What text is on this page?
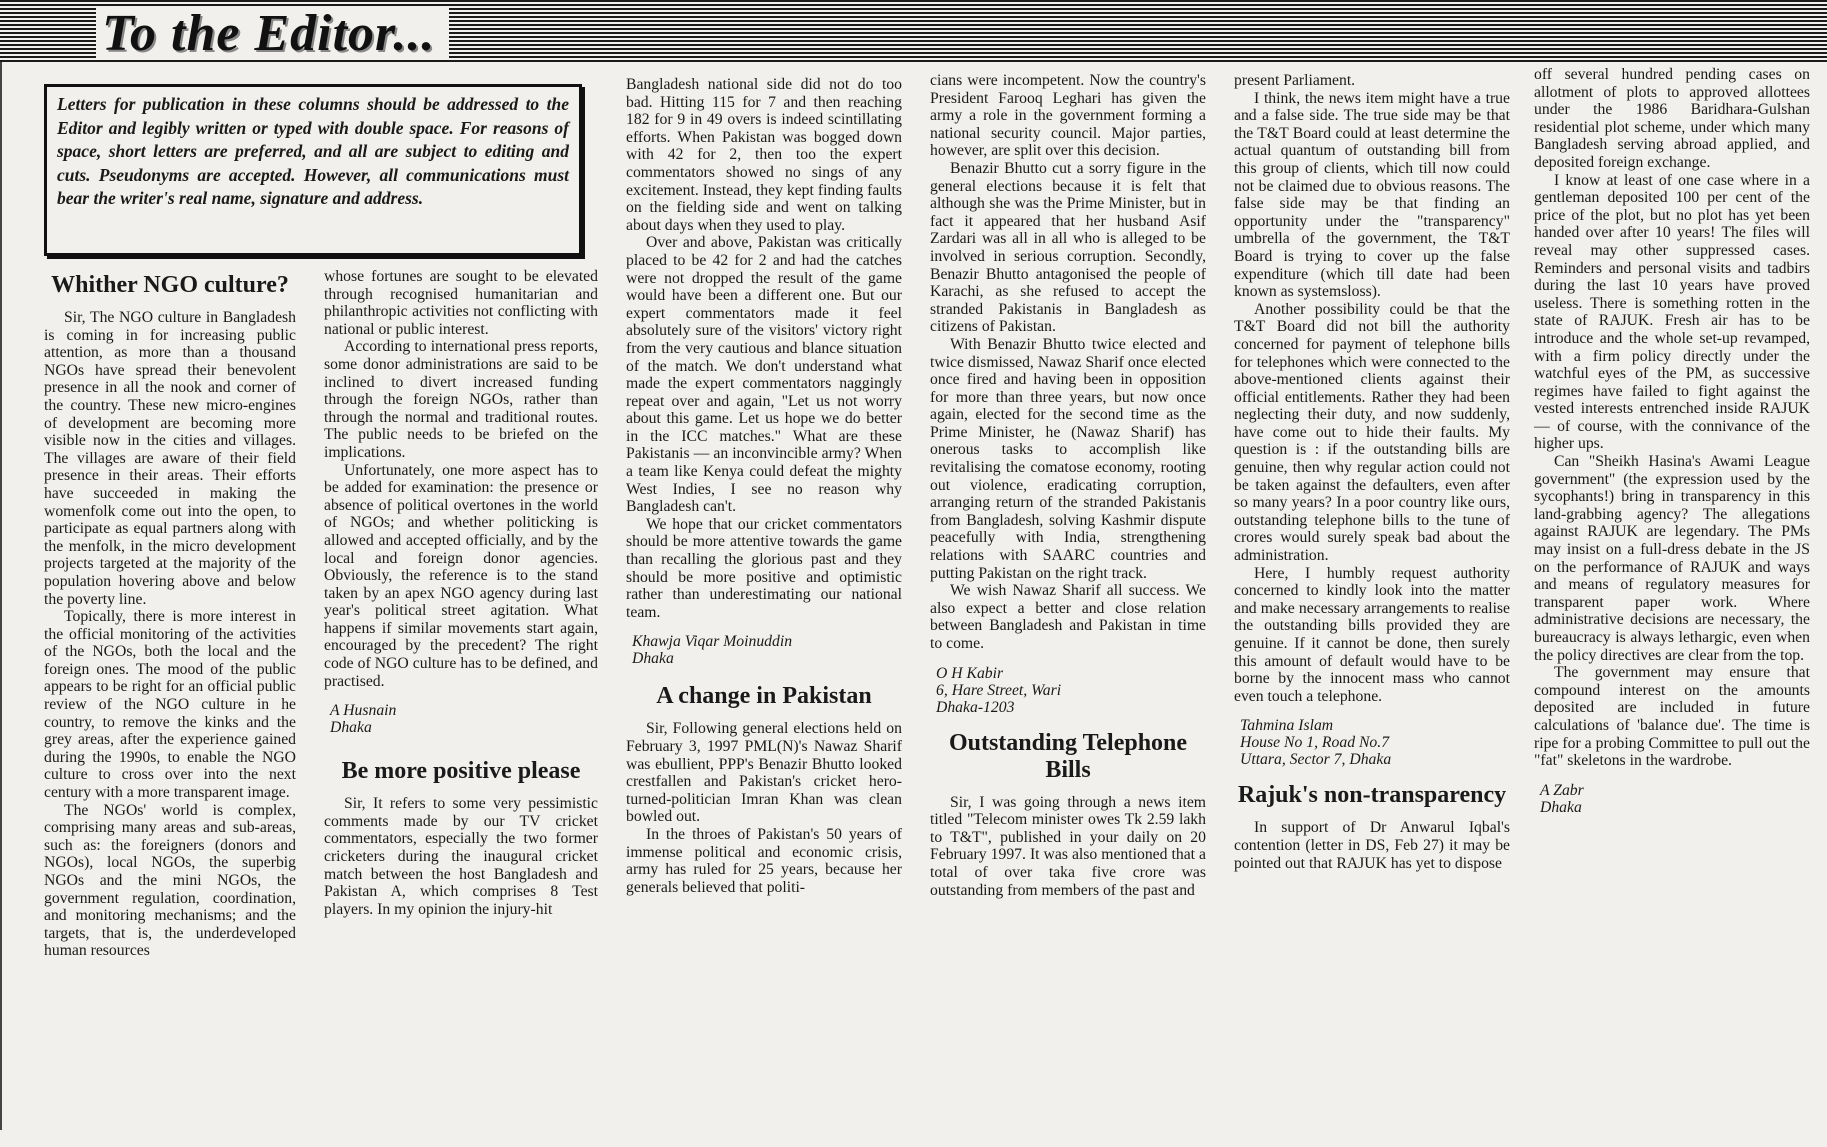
To the Editor...
Letters for publication in these columns should be addressed to the Editor and legibly written or typed with double space. For reasons of space, short letters are preferred, and all are subject to editing and cuts. Pseudonyms are accepted. However, all communications must bear the writer's real name, signature and address.
Whither NGO culture?

Sir, The NGO culture in Bangladesh is coming in for increasing public attention, as more than a thousand NGOs have spread their benevolent presence in all the nook and corner of the country. These new micro-engines of development are becoming more visible now in the cities and villages. The villages are aware of their field presence in their areas. Their efforts have succeeded in making the womenfolk come out into the open, to participate as equal partners along with the menfolk, in the micro development projects targeted at the majority of the population hovering above and below the poverty line.

Topically, there is more interest in the official monitoring of the activities of the NGOs, both the local and the foreign ones. The mood of the public appears to be right for an official public review of the NGO culture in he country, to remove the kinks and the grey areas, after the experience gained during the 1990s, to enable the NGO culture to cross over into the next century with a more transparent image.

The NGOs' world is complex, comprising many areas and sub-areas, such as: the foreigners (donors and NGOs), local NGOs, the superbig NGOs and the mini NGOs, the government regulation, coordination, and monitoring mechanisms; and the targets, that is, the underdeveloped human resources

whose fortunes are sought to be elevated through recognised humanitarian and philanthropic activities not conflicting with national or public interest.

According to international press reports, some donor administrations are said to be inclined to divert increased funding through the foreign NGOs, rather than through the normal and traditional routes. The public needs to be briefed on the implications.

Unfortunately, one more aspect has to be added for examination: the presence or absence of political overtones in the world of NGOs; and whether politicking is allowed and accepted officially, and by the local and foreign donor agencies. Obviously, the reference is to the stand taken by an apex NGO agency during last year's political street agitation. What happens if similar movements start again, encouraged by the precedent? The right code of NGO culture has to be defined, and practised.

A Husnain
Dhaka
Be more positive please

Sir, It refers to some very pessimistic comments made by our TV cricket commentators, especially the two former cricketers during the inaugural cricket match between the host Bangladesh and Pakistan A, which comprises 8 Test players. In my opinion the injury-hit

Bangladesh national side did not do too bad. Hitting 115 for 7 and then reaching 182 for 9 in 49 overs is indeed scintillating efforts. When Pakistan was bogged down with 42 for 2, then too the expert commentators showed no sings of any excitement. Instead, they kept finding faults on the fielding side and went on talking about days when they used to play.

Over and above, Pakistan was critically placed to be 42 for 2 and had the catches were not dropped the result of the game would have been a different one. But our expert commentators made it feel absolutely sure of the visitors' victory right from the very cautious and blance situation of the match. We don't understand what made the expert commentators naggingly repeat over and again, "Let us not worry about this game. Let us hope we do better in the ICC matches." What are these Pakistanis — an inconvincible army? When a team like Kenya could defeat the mighty West Indies, I see no reason why Bangladesh can't.

We hope that our cricket commentators should be more attentive towards the game than recalling the glorious past and they should be more positive and optimistic rather than underestimating our national team.

Khawja Viqar Moinuddin
Dhaka
A change in Pakistan

Sir, Following general elections held on February 3, 1997 PML(N)'s Nawaz Sharif was ebullient, PPP's Benazir Bhutto looked crestfallen and Pakistan's cricket hero-turned-politician Imran Khan was clean bowled out.

In the throes of Pakistan's 50 years of immense political and economic crisis, army has ruled for 25 years, because her generals believed that politi-

cians were incompetent. Now the country's President Farooq Leghari has given the army a role in the government forming a national security council. Major parties, however, are split over this decision.

Benazir Bhutto cut a sorry figure in the general elections because it is felt that although she was the Prime Minister, but in fact it appeared that her husband Asif Zardari was all in all who is alleged to be involved in serious corruption. Secondly, Benazir Bhutto antagonised the people of Karachi, as she refused to accept the stranded Pakistanis in Bangladesh as citizens of Pakistan.

With Benazir Bhutto twice elected and twice dismissed, Nawaz Sharif once elected once fired and having been in opposition for more than three years, but now once again, elected for the second time as the Prime Minister, he (Nawaz Sharif) has onerous tasks to accomplish like revitalising the comatose economy, rooting out violence, eradicating corruption, arranging return of the stranded Pakistanis from Bangladesh, solving Kashmir dispute peacefully with India, strengthening relations with SAARC countries and putting Pakistan on the right track.

We wish Nawaz Sharif all success. We also expect a better and close relation between Bangladesh and Pakistan in time to come.

O H Kabir
6, Hare Street, Wari
Dhaka-1203
Outstanding Telephone Bills

Sir, I was going through a news item titled "Telecom minister owes Tk 2.59 lakh to T&T", published in your daily on 20 February 1997. It was also mentioned that a total of over taka five crore was outstanding from members of the past and

present Parliament.

I think, the news item might have a true and a false side. The true side may be that the T&T Board could at least determine the actual quantum of outstanding bill from this group of clients, which till now could not be claimed due to obvious reasons. The false side may be that finding an opportunity under the "transparency" umbrella of the government, the T&T Board is trying to cover up the false expenditure (which till date had been known as systemsloss).

Another possibility could be that the T&T Board did not bill the authority concerned for payment of telephone bills for telephones which were connected to the above-mentioned clients against their official entitlements. Rather they had been neglecting their duty, and now suddenly, have come out to hide their faults. My question is : if the outstanding bills are genuine, then why regular action could not be taken against the defaulters, even after so many years? In a poor country like ours, outstanding telephone bills to the tune of crores would surely speak bad about the administration.

Here, I humbly request authority concerned to kindly look into the matter and make necessary arrangements to realise the outstanding bills provided they are genuine. If it cannot be done, then surely this amount of default would have to be borne by the innocent mass who cannot even touch a telephone.

Tahmina Islam
House No 1, Road No.7
Uttara, Sector 7, Dhaka
Rajuk's non-transparency

In support of Dr Anwarul Iqbal's contention (letter in DS, Feb 27) it may be pointed out that RAJUK has yet to dispose

off several hundred pending cases on allotment of plots to approved allottees under the 1986 Baridhara-Gulshan residential plot scheme, under which many Bangladesh serving abroad applied, and deposited foreign exchange.

I know at least of one case where in a gentleman deposited 100 per cent of the price of the plot, but no plot has yet been handed over after 10 years! The files will reveal may other suppressed cases. Reminders and personal visits and tadbirs during the last 10 years have proved useless. There is something rotten in the state of RAJUK. Fresh air has to be introduce and the whole set-up revamped, with a firm policy directly under the watchful eyes of the PM, as successive regimes have failed to fight against the vested interests entrenched inside RAJUK — of course, with the connivance of the higher ups.

Can "Sheikh Hasina's Awami League government" (the expression used by the sycophants!) bring in transparency in this land-grabbing agency? The allegations against RAJUK are legendary. The PMs may insist on a full-dress debate in the JS on the performance of RAJUK and ways and means of regulatory measures for transparent paper work. Where administrative decisions are necessary, the bureaucracy is always lethargic, even when the policy directives are clear from the top.

The government may ensure that compound interest on the amounts deposited are included in future calculations of 'balance due'. The time is ripe for a probing Committee to pull out the "fat" skeletons in the wardrobe.

A Zabr
Dhaka
